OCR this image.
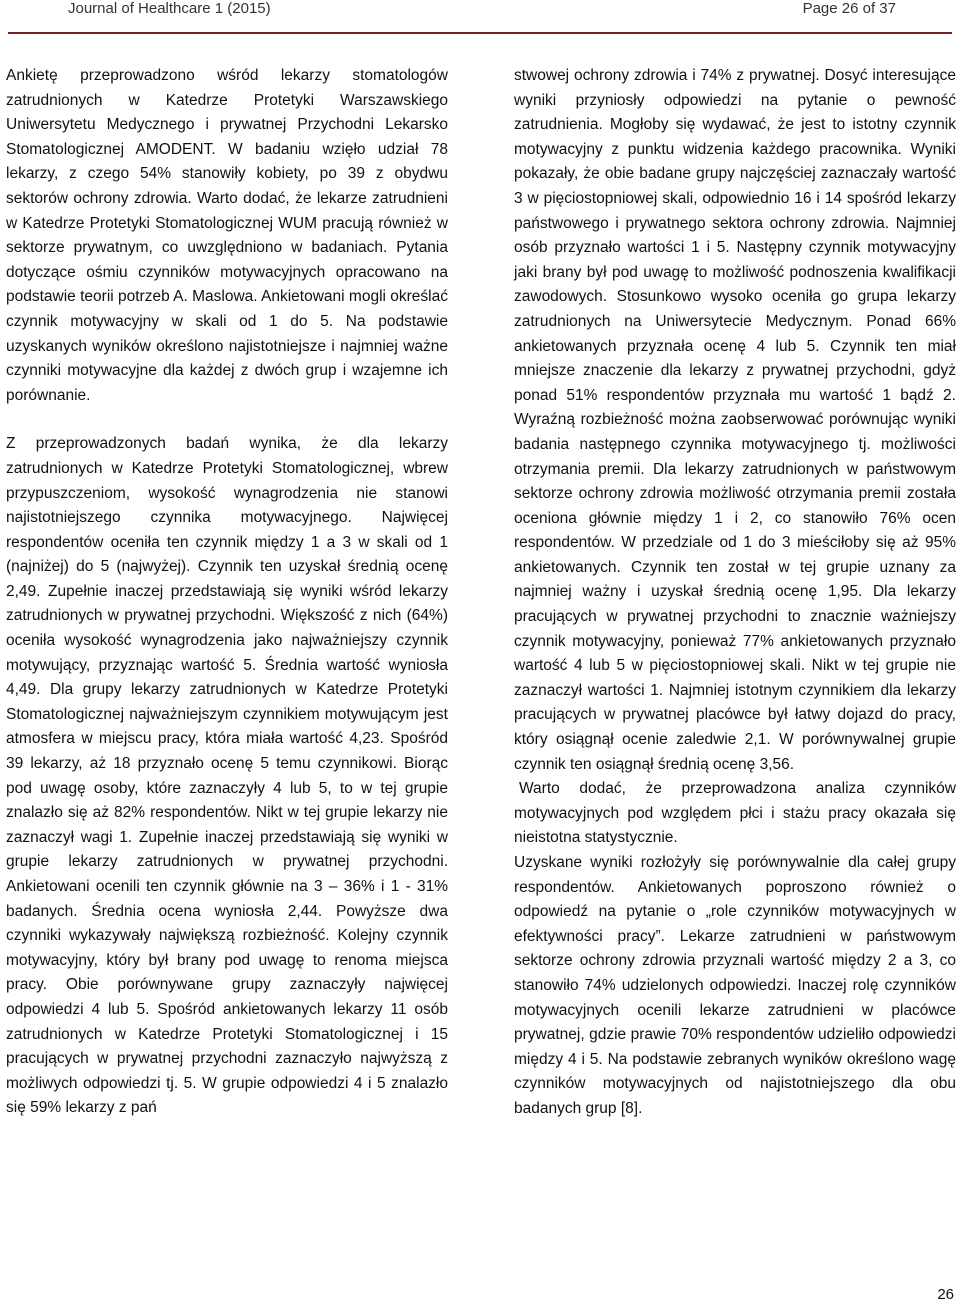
Journal of Healthcare 1 (2015)	Page 26 of 37

Ankietę przeprowadzono wśród lekarzy stomatologów zatrudnionych w Katedrze Protetyki Warszawskiego Uniwersytetu Medycznego i prywatnej Przychodni Lekarsko Stomatologicznej AMODENT. W badaniu wzięło udział 78 lekarzy, z czego 54% stanowiły kobiety, po 39 z obydwu sektorów ochrony zdrowia. Warto dodać, że lekarze zatrudnieni w Katedrze Protetyki Stomatologicznej WUM pracują również w sektorze prywatnym, co uwzględniono w badaniach. Pytania dotyczące ośmiu czynników motywacyjnych opracowano na podstawie teorii potrzeb A. Maslowa. Ankietowani mogli określać czynnik motywacyjny w skali od 1 do 5. Na podstawie uzyskanych wyników określono najistotniejsze i najmniej ważne czynniki motywacyjne dla każdej z dwóch grup i wzajemne ich porównanie.

Z przeprowadzonych badań wynika, że dla lekarzy zatrudnionych w Katedrze Protetyki Stomatologicznej, wbrew przypuszczeniom, wysokość wynagrodzenia nie stanowi najistotniejszego czynnika motywacyjnego. Najwięcej respondentów oceniła ten czynnik między 1 a 3 w skali od 1 (najniżej) do 5 (najwyżej). Czynnik ten uzyskał średnią ocenę 2,49. Zupełnie inaczej przedstawiają się wyniki wśród lekarzy zatrudnionych w prywatnej przychodni. Większość z nich (64%) oceniła wysokość wynagrodzenia jako najważniejszy czynnik motywujący, przyznając wartość 5. Średnia wartość wyniosła 4,49. Dla grupy lekarzy zatrudnionych w Katedrze Protetyki Stomatologicznej najważniejszym czynnikiem motywującym jest atmosfera w miejscu pracy, która miała wartość 4,23. Spośród 39 lekarzy, aż 18 przyznało ocenę 5 temu czynnikowi. Biorąc pod uwagę osoby, które zaznaczyły 4 lub 5, to w tej grupie znalazło się aż 82% respondentów. Nikt w tej grupie lekarzy nie zaznaczył wagi 1. Zupełnie inaczej przedstawiają się wyniki w grupie lekarzy zatrudnionych w prywatnej przychodni. Ankietowani ocenili ten czynnik głównie na 3 – 36% i 1 - 31% badanych. Średnia ocena wyniosła 2,44. Powyższe dwa czynniki wykazywały największą rozbieżność. Kolejny czynnik motywacyjny, który był brany pod uwagę to renoma miejsca pracy. Obie porównywane grupy zaznaczyły najwięcej odpowiedzi 4 lub 5. Spośród ankietowanych lekarzy 11 osób zatrudnionych w Katedrze Protetyki Stomatologicznej i 15 pracujących w prywatnej przychodni zaznaczyło najwyższą z możliwych odpowiedzi tj. 5. W grupie odpowiedzi 4 i 5 znalazło się 59% lekarzy z pań

stwowej ochrony zdrowia i 74% z prywatnej. Dosyć interesujące wyniki przyniosły odpowiedzi na pytanie o pewność zatrudnienia. Mogłoby się wydawać, że jest to istotny czynnik motywacyjny z punktu widzenia każdego pracownika. Wyniki pokazały, że obie badane grupy najczęściej zaznaczały wartość 3 w pięciostopniowej skali, odpowiednio 16 i 14 spośród lekarzy państwowego i prywatnego sektora ochrony zdrowia. Najmniej osób przyznało wartości 1 i 5. Następny czynnik motywacyjny jaki brany był pod uwagę to możliwość podnoszenia kwalifikacji zawodowych. Stosunkowo wysoko oceniła go grupa lekarzy zatrudnionych na Uniwersytecie Medycznym. Ponad 66% ankietowanych przyznała ocenę 4 lub 5. Czynnik ten miał mniejsze znaczenie dla lekarzy z prywatnej przychodni, gdyż ponad 51% respondentów przyznała mu wartość 1 bądź 2. Wyraźną rozbieżność można zaobserwować porównując wyniki badania następnego czynnika motywacyjnego tj. możliwości otrzymania premii. Dla lekarzy zatrudnionych w państwowym sektorze ochrony zdrowia możliwość otrzymania premii została oceniona głównie między 1 i 2, co stanowiło 76% ocen respondentów. W przedziale od 1 do 3 mieściłoby się aż 95% ankietowanych. Czynnik ten został w tej grupie uznany za najmniej ważny i uzyskał średnią ocenę 1,95. Dla lekarzy pracujących w prywatnej przychodni to znacznie ważniejszy czynnik motywacyjny, ponieważ 77% ankietowanych przyznało wartość 4 lub 5 w pięciostopniowej skali. Nikt w tej grupie nie zaznaczył wartości 1. Najmniej istotnym czynnikiem dla lekarzy pracujących w prywatnej placówce był łatwy dojazd do pracy, który osiągnął ocenie zaledwie 2,1. W porównywalnej grupie czynnik ten osiągnął średnią ocenę 3,56.

Warto dodać, że przeprowadzona analiza czynników motywacyjnych pod względem płci i stażu pracy okazała się nieistotna statystycznie.

Uzyskane wyniki rozłożyły się porównywalnie dla całej grupy respondentów. Ankietowanych poproszono również o odpowiedź na pytanie o „role czynników motywacyjnych w efektywności pracy”. Lekarze zatrudnieni w państwowym sektorze ochrony zdrowia przyznali wartość między 2 a 3, co stanowiło 74% udzielonych odpowiedzi. Inaczej rolę czynników motywacyjnych ocenili lekarze zatrudnieni w placówce prywatnej, gdzie prawie 70% respondentów udzieliło odpowiedzi między 4 i 5. Na podstawie zebranych wyników określono wagę czynników motywacyjnych od najistotniejszego dla obu badanych grup [8].

26
